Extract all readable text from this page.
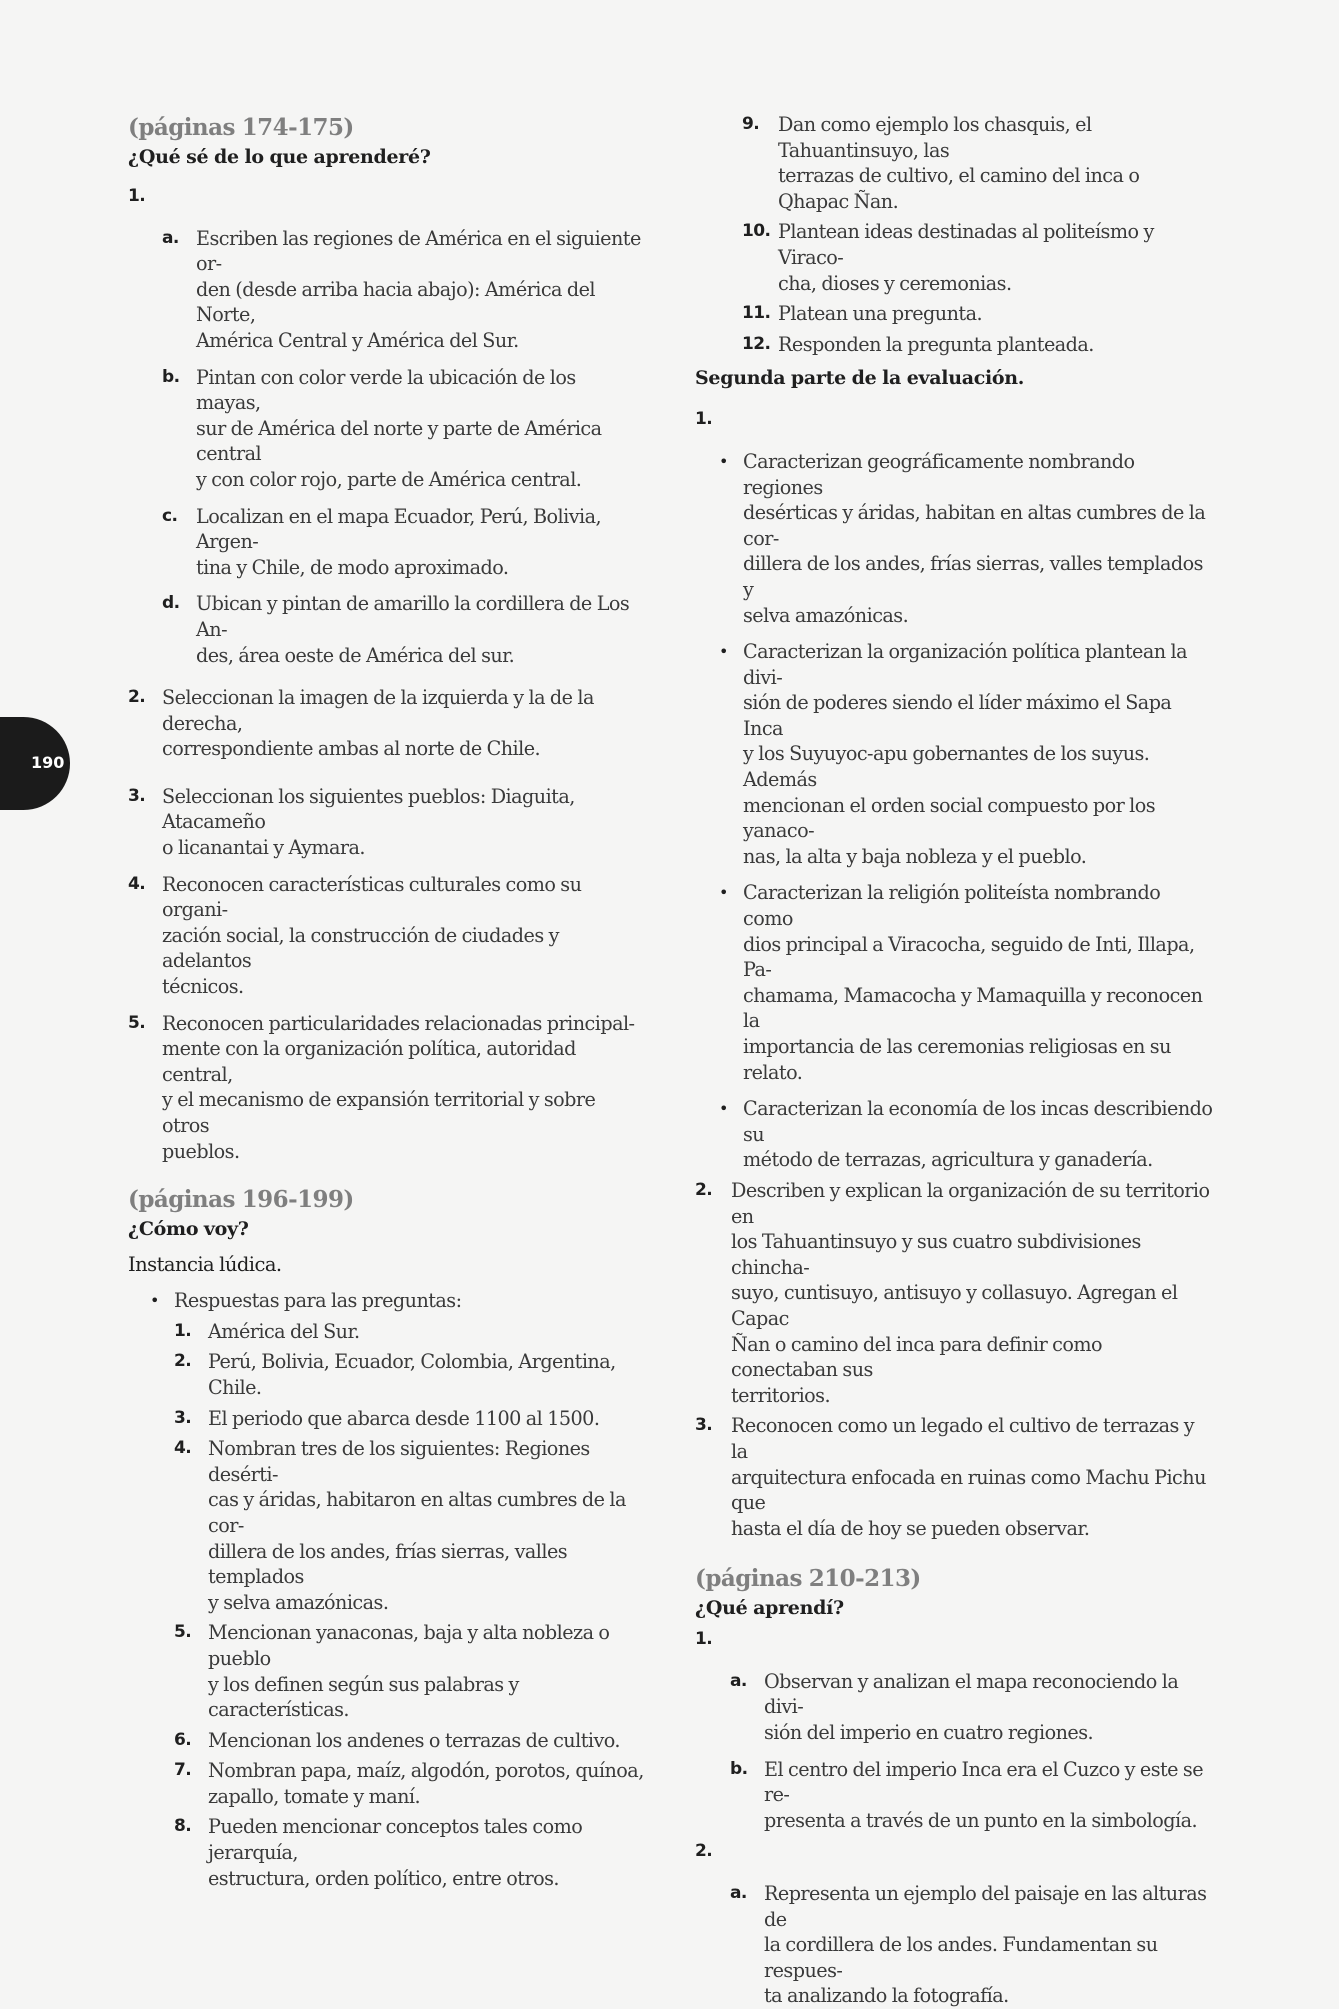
190
(páginas 174-175)
¿Qué sé de lo que aprenderé?
1.
a. Escriben las regiones de América en el siguiente or-
den (desde arriba hacia abajo): América del Norte,
América Central y América del Sur.
b. Pintan con color verde la ubicación de los mayas,
sur de América del norte y parte de América central
y con color rojo, parte de América central.
c. Localizan en el mapa Ecuador, Perú, Bolivia, Argen-
tina y Chile, de modo aproximado.
d. Ubican y pintan de amarillo la cordillera de Los An-
des, área oeste de América del sur.
2. Seleccionan la imagen de la izquierda y la de la derecha,
correspondiente ambas al norte de Chile.
3. Seleccionan los siguientes pueblos: Diaguita, Atacameño
o licanantai y Aymara.
4. Reconocen características culturales como su organi-
zación social, la construcción de ciudades y adelantos
técnicos.
5. Reconocen particularidades relacionadas principal-
mente con la organización política, autoridad central,
y el mecanismo de expansión territorial y sobre otros
pueblos.
(páginas 196-199)
¿Cómo voy?
Instancia lúdica.
• Respuestas para las preguntas:
1. América del Sur.
2. Perú, Bolivia, Ecuador, Colombia, Argentina, Chile.
3. El periodo que abarca desde 1100 al 1500.
4. Nombran tres de los siguientes: Regiones desérti-
cas y áridas, habitaron en altas cumbres de la cor-
dillera de los andes, frías sierras, valles templados
y selva amazónicas.
5. Mencionan yanaconas, baja y alta nobleza o pueblo
y los definen según sus palabras y características.
6. Mencionan los andenes o terrazas de cultivo.
7. Nombran papa, maíz, algodón, porotos, quínoa,
zapallo, tomate y maní.
8. Pueden mencionar conceptos tales como jerarquía,
estructura, orden político, entre otros.
9. Dan como ejemplo los chasquis, el Tahuantinsuyo, las
terrazas de cultivo, el camino del inca o Qhapac Ñan.
10. Plantean ideas destinadas al politeísmo y Viraco-
cha, dioses y ceremonias.
11. Platean una pregunta.
12. Responden la pregunta planteada.
Segunda parte de la evaluación.
1.
• Caracterizan geográficamente nombrando regiones
desérticas y áridas, habitan en altas cumbres de la cor-
dillera de los andes, frías sierras, valles templados y
selva amazónicas.
• Caracterizan la organización política plantean la divi-
sión de poderes siendo el líder máximo el Sapa Inca
y los Suyuyoc-apu gobernantes de los suyus. Además
mencionan el orden social compuesto por los yanaco-
nas, la alta y baja nobleza y el pueblo.
• Caracterizan la religión politeísta nombrando como
dios principal a Viracocha, seguido de Inti, Illapa, Pa-
chamama, Mamacocha y Mamaquilla y reconocen la
importancia de las ceremonias religiosas en su relato.
• Caracterizan la economía de los incas describiendo su
método de terrazas, agricultura y ganadería.
2. Describen y explican la organización de su territorio en
los Tahuantinsuyo y sus cuatro subdivisiones chincha-
suyo, cuntisuyo, antisuyo y collasuyo. Agregan el Capac
Ñan o camino del inca para definir como conectaban sus
territorios.
3. Reconocen como un legado el cultivo de terrazas y la
arquitectura enfocada en ruinas como Machu Pichu que
hasta el día de hoy se pueden observar.
(páginas 210-213)
¿Qué aprendí?
1.
a. Observan y analizan el mapa reconociendo la divi-
sión del imperio en cuatro regiones.
b. El centro del imperio Inca era el Cuzco y este se re-
presenta a través de un punto en la simbología.
2.
a. Representa un ejemplo del paisaje en las alturas de
la cordillera de los andes. Fundamentan su respues-
ta analizando la fotografía.
